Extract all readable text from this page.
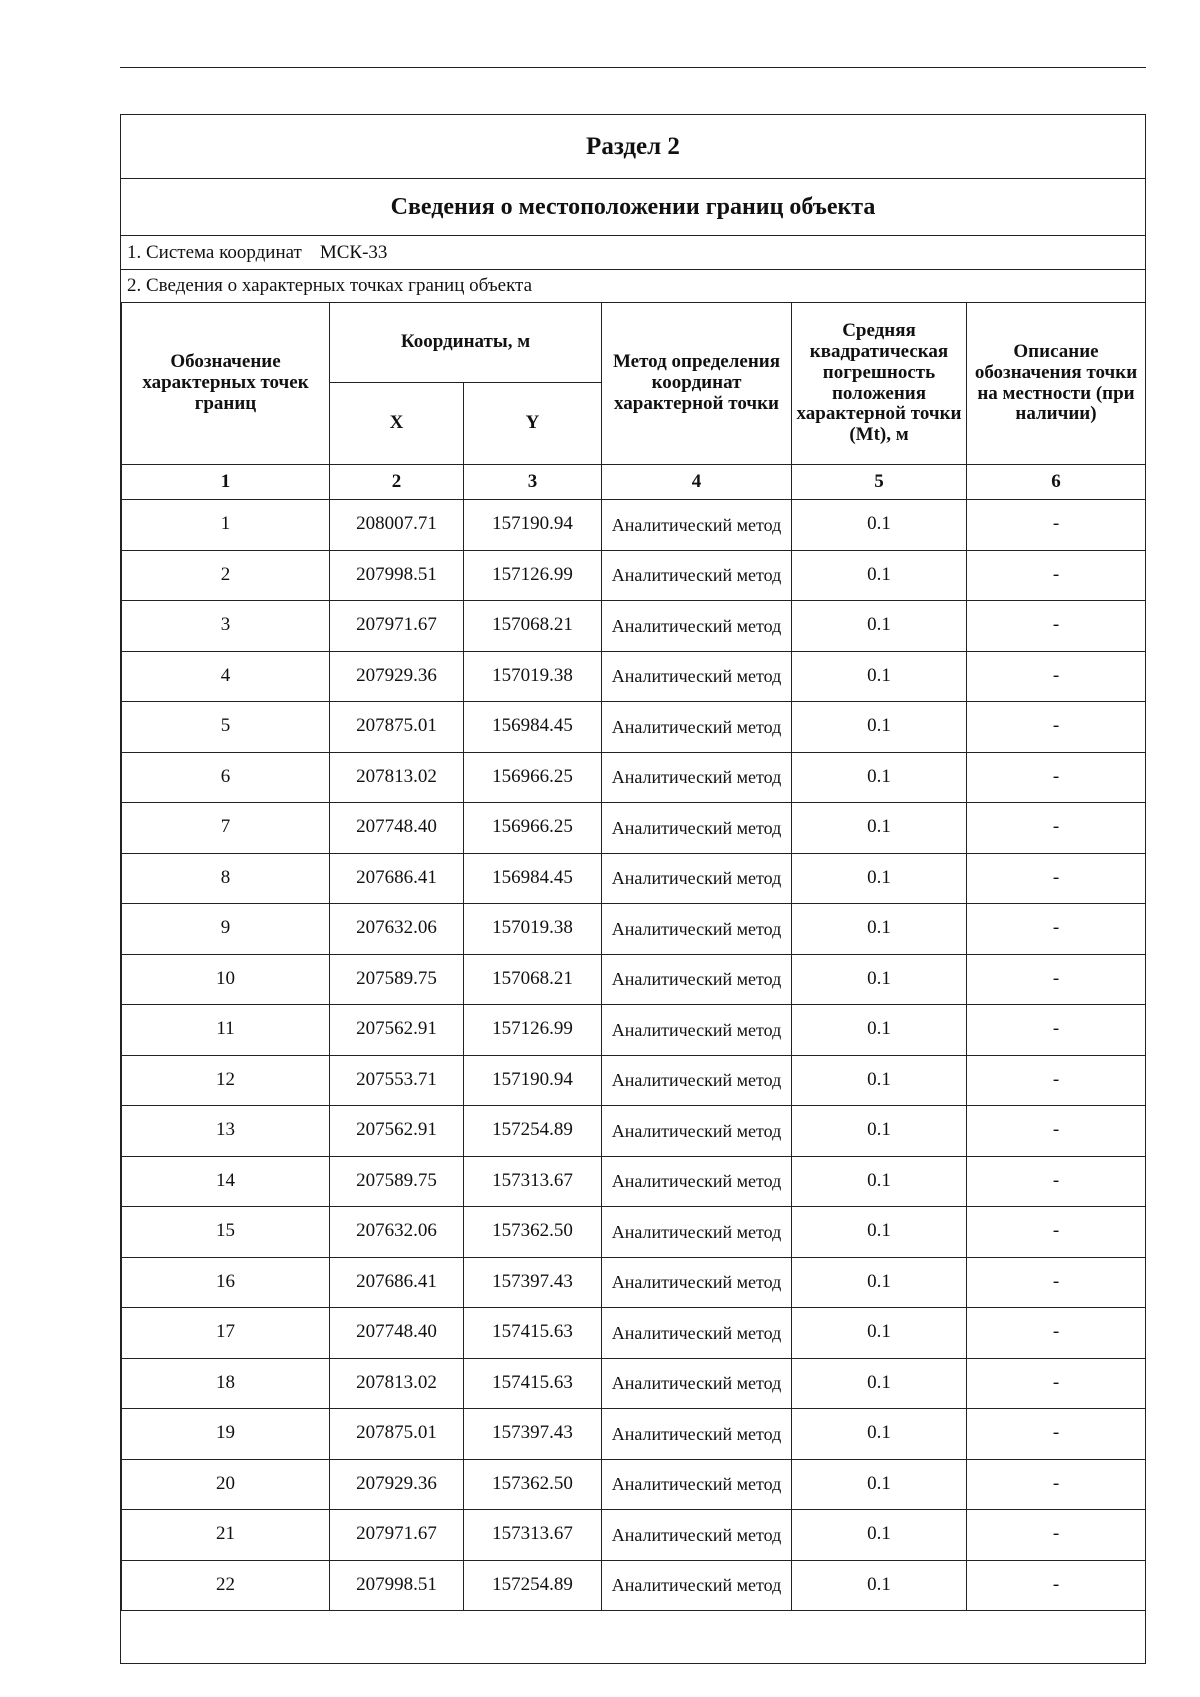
Раздел 2
Сведения о местоположении границ объекта
1. Система координат МСК-33
2. Сведения о характерных точках границ объекта
Обозначение характерных точек границ	Координаты, м		Метод определения координат характерной точки	Средняя квадратическая погрешность положения характерной точки (Mt), м	Описание обозначения точки на местности (при наличии)
	X	Y			
1	2	3	4	5	6
1	208007.71	157190.94	Аналитический метод	0.1	-
2	207998.51	157126.99	Аналитический метод	0.1	-
3	207971.67	157068.21	Аналитический метод	0.1	-
4	207929.36	157019.38	Аналитический метод	0.1	-
5	207875.01	156984.45	Аналитический метод	0.1	-
6	207813.02	156966.25	Аналитический метод	0.1	-
7	207748.40	156966.25	Аналитический метод	0.1	-
8	207686.41	156984.45	Аналитический метод	0.1	-
9	207632.06	157019.38	Аналитический метод	0.1	-
10	207589.75	157068.21	Аналитический метод	0.1	-
11	207562.91	157126.99	Аналитический метод	0.1	-
12	207553.71	157190.94	Аналитический метод	0.1	-
13	207562.91	157254.89	Аналитический метод	0.1	-
14	207589.75	157313.67	Аналитический метод	0.1	-
15	207632.06	157362.50	Аналитический метод	0.1	-
16	207686.41	157397.43	Аналитический метод	0.1	-
17	207748.40	157415.63	Аналитический метод	0.1	-
18	207813.02	157415.63	Аналитический метод	0.1	-
19	207875.01	157397.43	Аналитический метод	0.1	-
20	207929.36	157362.50	Аналитический метод	0.1	-
21	207971.67	157313.67	Аналитический метод	0.1	-
22	207998.51	157254.89	Аналитический метод	0.1	-
